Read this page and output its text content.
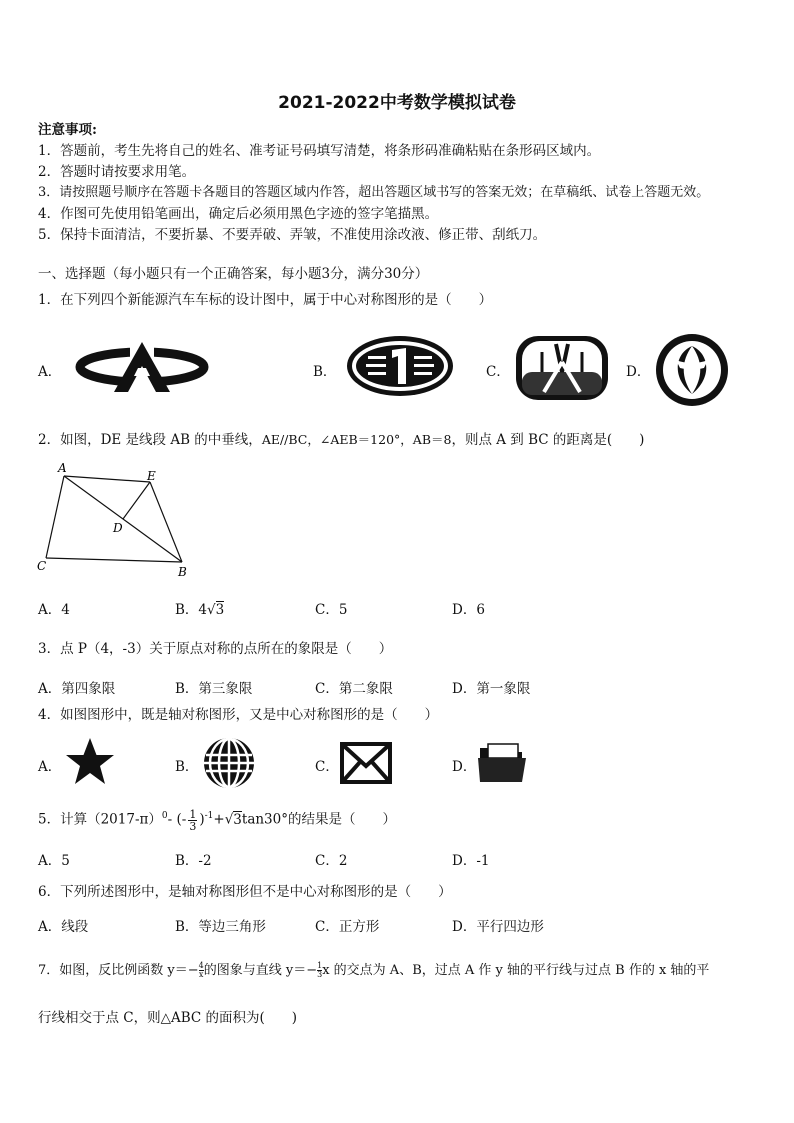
2021-2022中考数学模拟试卷
注意事项:
1．答题前，考生先将自己的姓名、准考证号码填写清楚，将条形码准确粘贴在条形码区域内。
2．答题时请按要求用笔。
3．请按照题号顺序在答题卡各题目的答题区域内作答，超出答题区域书写的答案无效；在草稿纸、试卷上答题无效。
4．作图可先使用铅笔画出，确定后必须用黑色字迹的签字笔描黑。
5．保持卡面清洁，不要折暴、不要弄破、弄皱，不准使用涂改液、修正带、刮纸刀。
一、选择题（每小题只有一个正确答案，每小题3分，满分30分）
1．在下列四个新能源汽车车标的设计图中，属于中心对称图形的是（　　）
A．	B．	C．	D．
2．如图，DE 是线段 AB 的中垂线，AE//BC，∠AEB＝120°，AB＝8，则点 A 到 BC 的距离是(　　)
A
E
D
C	B
A．4	B．4√3	C．5	D．6
3．点 P（4，-3）关于原点对称的点所在的象限是（　　）
A．第四象限	B．第三象限	C．第二象限	D．第一象限
4．如图图形中，既是轴对称图形，又是中心对称图形的是（　　）
A．	B．	C．	D．
5．计算$(2017-\pi)^0-$ (- $\frac{1}{3} )^{-1}+√3\tan 30^\circ$的结果是（　　）
A．5	B．-2	C．2	D．-1
6．下列所述图形中，是轴对称图形但不是中心对称图形的是（　　）
A．线段	B．等边三角形	C．正方形	D．平行四边形
7．如图，反比例函数 $y=- \frac{4}{x}$的图象与直线 $y=- \frac{1}{3}x$ 的交点为 A、B，过点 A 作 y 轴的平行线与过点 B 作的 x 轴的平
行线相交于点 C，则△ABC 的面积为(　　)
